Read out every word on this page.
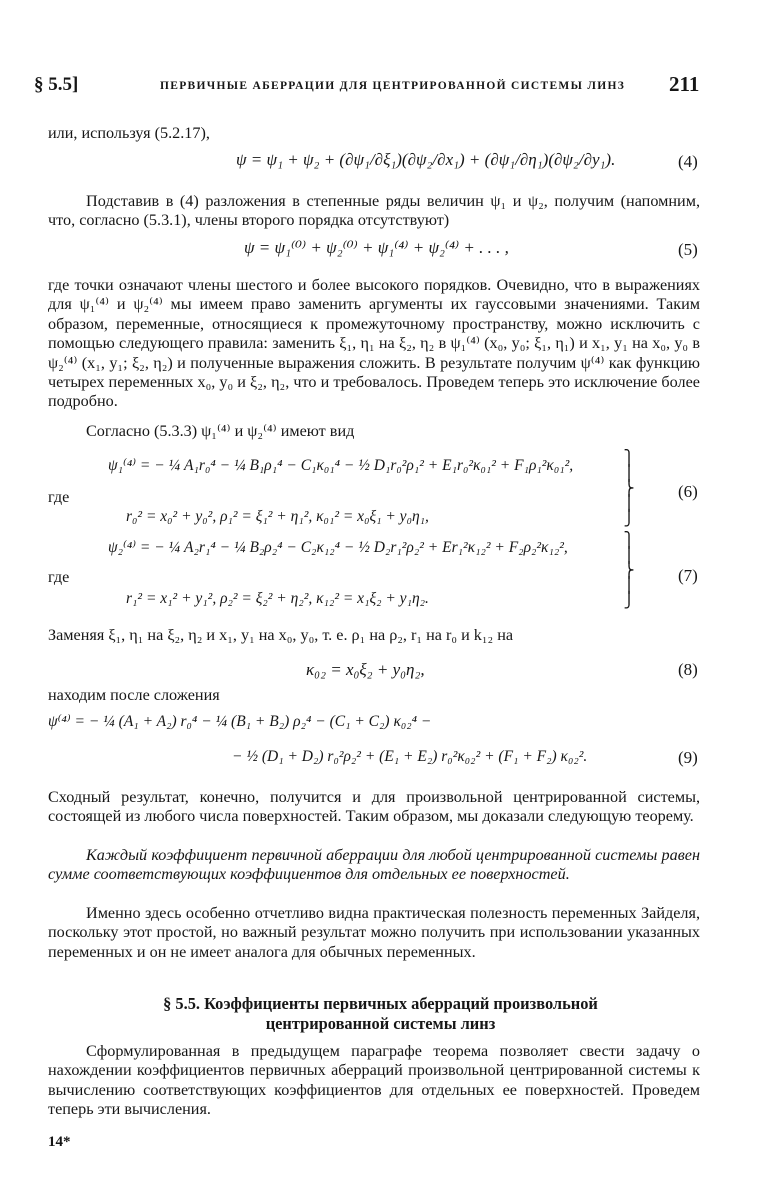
§ 5.5]	ПЕРВИЧНЫЕ АБЕРРАЦИИ ДЛЯ ЦЕНТРИРОВАННОЙ СИСТЕМЫ ЛИНЗ 211
или, используя (5.2.17),
ψ = ψ₁ + ψ₂ + (∂ψ₁/∂ξ₁)(∂ψ₂/∂x₁) + (∂ψ₁/∂η₁)(∂ψ₂/∂y₁).	(4)
Подставив в (4) разложения в степенные ряды величин ψ₁ и ψ₂, получим (напомним, что, согласно (5.3.1), члены второго порядка отсутствуют)
ψ = ψ₁⁽⁰⁾ + ψ₂⁽⁰⁾ + ψ₁⁽⁴⁾ + ψ₂⁽⁴⁾ + . . . ,	(5)
где точки означают члены шестого и более высокого порядков. Очевидно, что в выражениях для ψ₁⁽⁴⁾ и ψ₂⁽⁴⁾ мы имеем право заменить аргументы их гауссовыми значениями. Таким образом, переменные, относящиеся к промежуточному пространству, можно исключить с помощью следующего правила: заменить ξ₁, η₁ на ξ₂, η₂ в ψ₁⁽⁴⁾ (x₀, y₀; ξ₁, η₁) и x₁, y₁ на x₀, y₀ в ψ₂⁽⁴⁾ (x₁, y₁; ξ₂, η₂) и полученные выражения сложить. В результате получим ψ⁽⁴⁾ как функцию четырех переменных x₀, y₀ и ξ₂, η₂, что и требовалось. Проведем теперь это исключение более подробно.
Согласно (5.3.3) ψ₁⁽⁴⁾ и ψ₂⁽⁴⁾ имеют вид
ψ₁⁽⁴⁾ = − ¼ A₁r₀⁴ − ¼ B₁ρ₁⁴ − C₁κ₀₁⁴ − ½ D₁r₀²ρ₁² + E₁r₀²κ₀₁² + F₁ρ₁²κ₀₁²,
где
r₀² = x₀² + y₀², ρ₁² = ξ₁² + η₁², κ₀₁² = x₀ξ₁ + y₀η₁,
⎫
⎪
⎬
⎪
⎭
(6)
ψ₂⁽⁴⁾ = − ¼ A₂r₁⁴ − ¼ B₂ρ₂⁴ − C₂κ₁₂⁴ − ½ D₂r₁²ρ₂² + Er₁²κ₁₂² + F₂ρ₂²κ₁₂²,
где
r₁² = x₁² + y₁², ρ₂² = ξ₂² + η₂², κ₁₂² = x₁ξ₂ + y₁η₂.
⎫
⎪
⎬
⎪
⎭
(7)
Заменяя ξ₁, η₁ на ξ₂, η₂ и x₁, y₁ на x₀, y₀, т. е. ρ₁ на ρ₂, r₁ на r₀ и k₁₂ на
κ₀₂ = x₀ξ₂ + y₀η₂,	(8)
находим после сложения
ψ⁽⁴⁾ = − ¼ (A₁ + A₂) r₀⁴ − ¼ (B₁ + B₂) ρ₂⁴ − (C₁ + C₂) κ₀₂⁴ −
− ½ (D₁ + D₂) r₀²ρ₂² + (E₁ + E₂) r₀²κ₀₂² + (F₁ + F₂) κ₀₂².	(9)
Сходный результат, конечно, получится и для произвольной центрированной системы, состоящей из любого числа поверхностей. Таким образом, мы доказали следующую теорему.
Каждый коэффициент первичной аберрации для любой центрированной системы равен сумме соответствующих коэффициентов для отдельных ее поверхностей.
Именно здесь особенно отчетливо видна практическая полезность переменных Зайделя, поскольку этот простой, но важный результат можно получить при использовании указанных переменных и он не имеет аналога для обычных переменных.
§ 5.5. Коэффициенты первичных аберраций произвольной
центрированной системы линз
Сформулированная в предыдущем параграфе теорема позволяет свести задачу о нахождении коэффициентов первичных аберраций произвольной центрированной системы к вычислению соответствующих коэффициентов для отдельных ее поверхностей. Проведем теперь эти вычисления.
14*
